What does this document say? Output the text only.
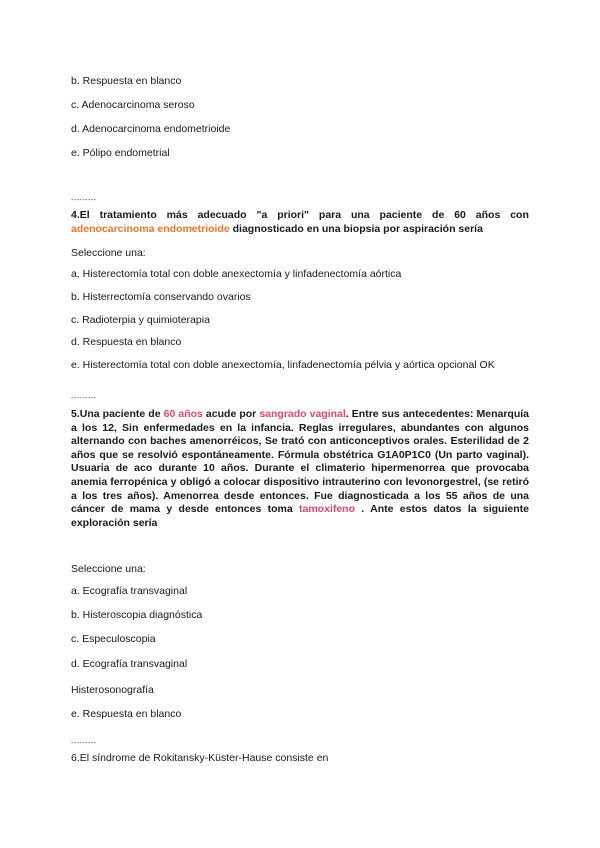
b. Respuesta en blanco
c. Adenocarcinoma seroso
d. Adenocarcinoma endometrioide
e. Pólipo endometrial
---------
4.El tratamiento más adecuado "a priori" para una paciente de 60 años con
adenocarcinoma endometrioide diagnosticado en una biopsia por aspiración sería
Seleccione una:
a. Histerectomía total con doble anexectomía y linfadenectomía aórtica
b. Histerrectomía conservando ovarios
c. Radioterpia y quimioterapia
d. Respuesta en blanco
e. Histerectomía total con doble anexectomía, linfadenectomía pélvia y aórtica opcional OK
---------
5.Una paciente de 60 años acude por sangrado vaginal. Entre sus antecedentes: Menarquía a los 12, Sin enfermedades en la infancia. Reglas irregulares, abundantes con algunos alternando con baches amenorréicos, Se trató con anticonceptivos orales. Esterilidad de 2 años que se resolvió espontáneamente. Fórmula obstétrica G1A0P1C0 (Un parto vaginal). Usuaria de aco durante 10 años. Durante el climaterio hipermenorrea que provocaba anemia ferropénica y obligó a colocar dispositivo intrauterino con levonorgestrel, (se retiró a los tres años). Amenorrea desde entonces. Fue diagnosticada a los 55 años de una cáncer de mama y desde entonces toma tamoxifeno . Ante estos datos la siguiente exploración sería
Seleccione una:
a. Ecografía transvaginal
b. Histeroscopia diagnóstica
c. Especuloscopia
d. Ecografía transvaginal
Histerosonografía
e. Respuesta en blanco
---------
6.El síndrome de Rokitansky-Küster-Hause consiste en
